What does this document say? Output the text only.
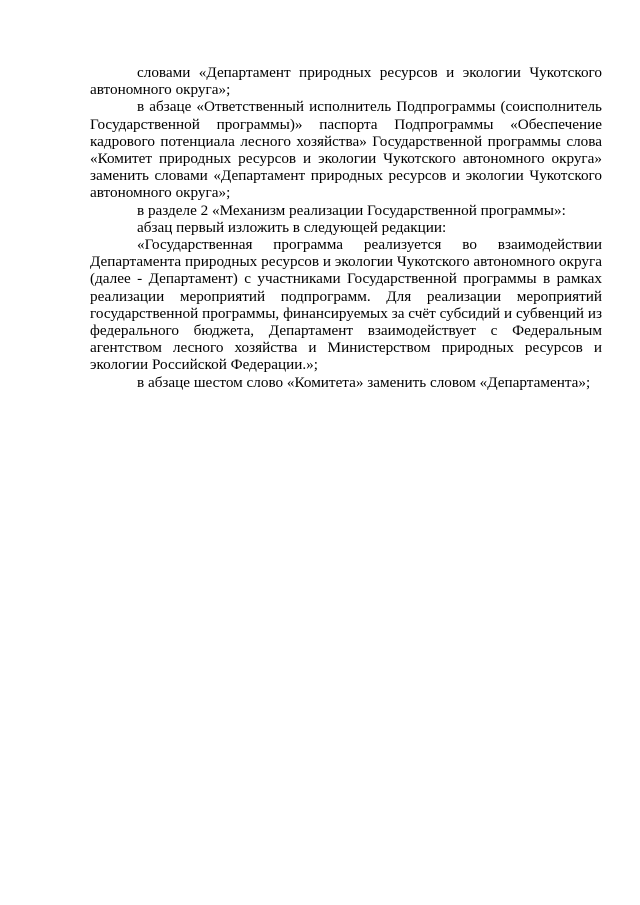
словами «Департамент природных ресурсов и экологии Чукотского автономного округа»;

в абзаце «Ответственный исполнитель Подпрограммы (соисполнитель Государственной программы)» паспорта Подпрограммы «Обеспечение кадрового потенциала лесного хозяйства» Государственной программы слова «Комитет природных ресурсов и экологии Чукотского автономного округа» заменить словами «Департамент природных ресурсов и экологии Чукотского автономного округа»;

в разделе 2 «Механизм реализации Государственной программы»:

абзац первый изложить в следующей редакции:

«Государственная программа реализуется во взаимодействии Департамента природных ресурсов и экологии Чукотского автономного округа (далее - Департамент) с участниками Государственной программы в рамках реализации мероприятий подпрограмм. Для реализации мероприятий государственной программы, финансируемых за счёт субсидий и субвенций из федерального бюджета, Департамент взаимодействует с Федеральным агентством лесного хозяйства и Министерством природных ресурсов и экологии Российской Федерации.»;

в абзаце шестом слово «Комитета» заменить словом «Департамента»;
